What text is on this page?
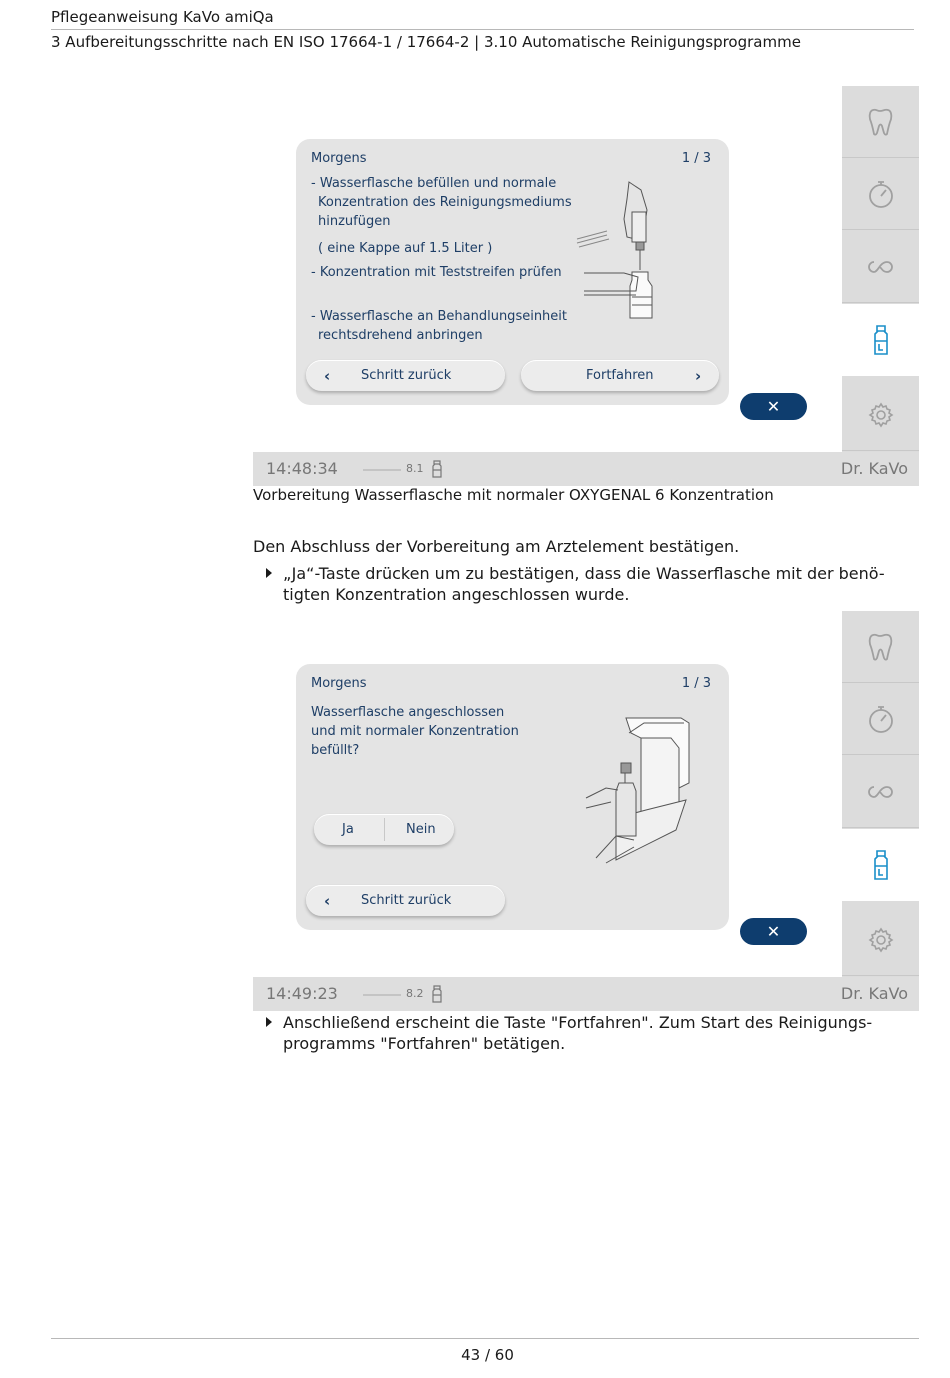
Pflegeanweisung KaVo amiQa
3 Aufbereitungsschritte nach EN ISO 17664-1 / 17664-2 | 3.10 Automatische Reinigungsprogramme
Morgens	1 / 3
- Wasserflasche befüllen und normale
Konzentration des Reinigungsmediums
hinzufügen
( eine Kappe auf 1.5 Liter )
- Konzentration mit Teststreifen prüfen
- Wasserflasche an Behandlungseinheit
rechtsdrehend anbringen
‹ Schritt zurück	Fortfahren	›
✕
14:48:34	8.1	Dr. KaVo
Vorbereitung Wasserflasche mit normaler OXYGENAL 6 Konzentration
Den Abschluss der Vorbereitung am Arztelement bestätigen.
„Ja“-Taste drücken um zu bestätigen, dass die Wasserflasche mit der benö-
tigten Konzentration angeschlossen wurde.
Morgens	1 / 3
Wasserflasche angeschlossen
und mit normaler Konzentration
befüllt?
Ja	Nein
‹ Schritt zurück
✕
14:49:23	8.2	Dr. KaVo
Anschließend erscheint die Taste "Fortfahren". Zum Start des Reinigungs-
programms "Fortfahren" betätigen.
43 / 60
